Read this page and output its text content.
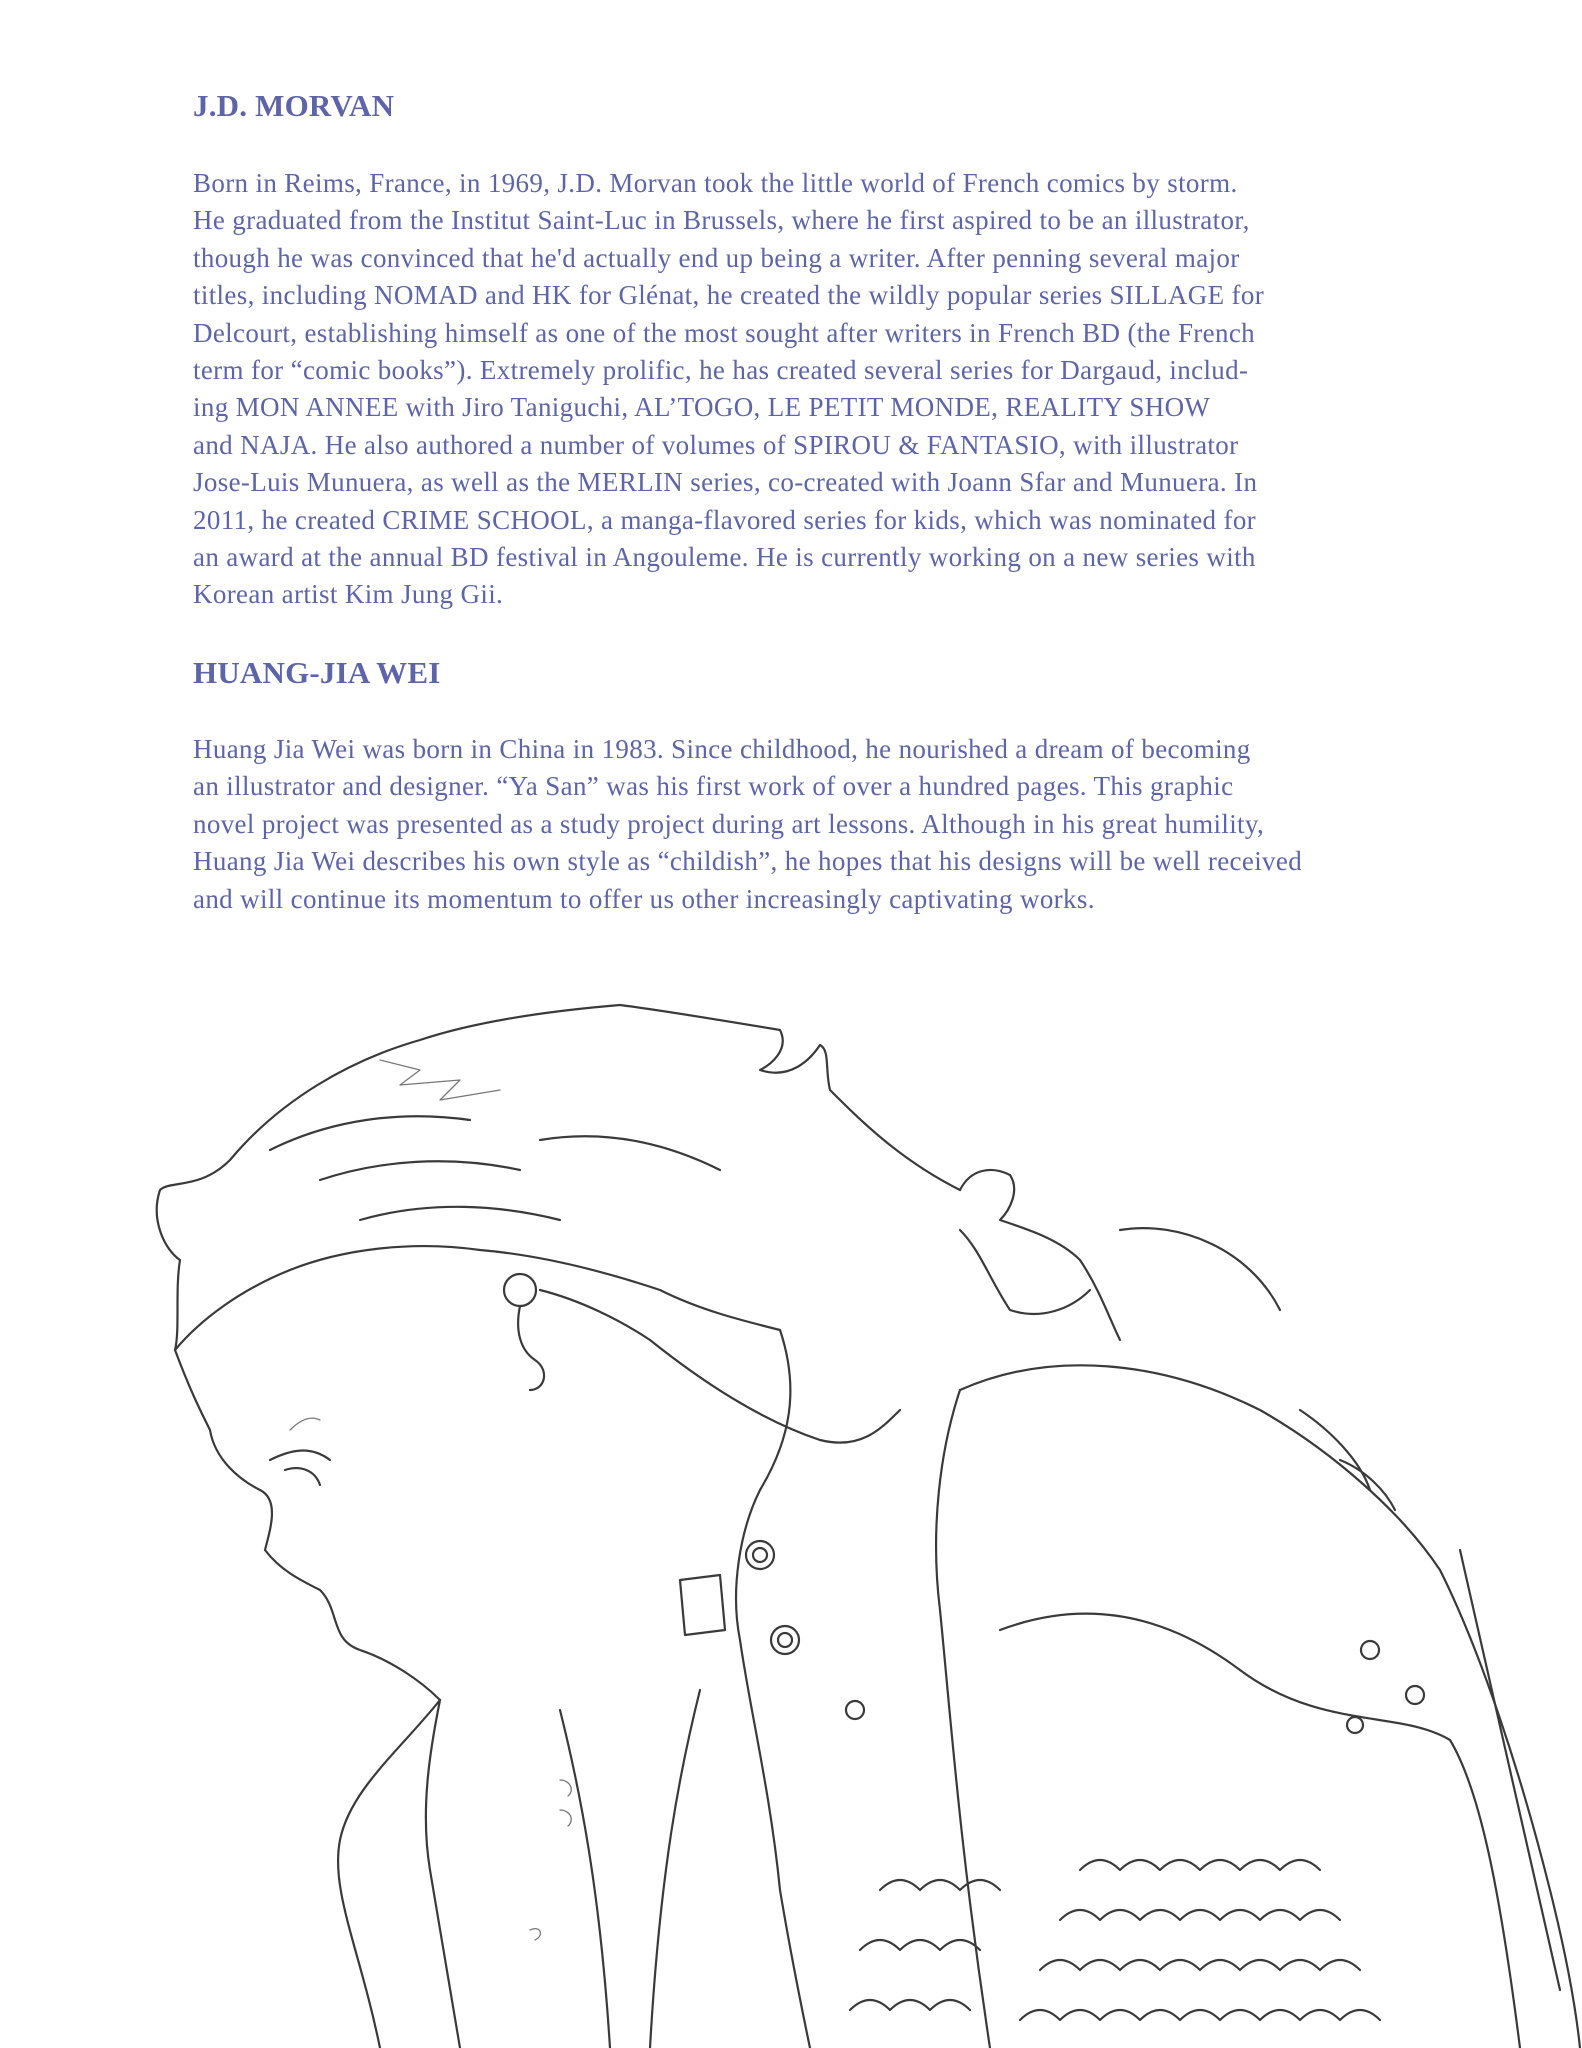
J.D. MORVAN
Born in Reims, France, in 1969, J.D. Morvan took the little world of French comics by storm.
He graduated from the Institut Saint-Luc in Brussels, where he first aspired to be an illustrator,
though he was convinced that he'd actually end up being a writer. After penning several major
titles, including NOMAD and HK for Glénat, he created the wildly popular series SILLAGE for
Delcourt, establishing himself as one of the most sought after writers in French BD (the French
term for “comic books”). Extremely prolific, he has created several series for Dargaud, includ-
ing MON ANNEE with Jiro Taniguchi, AL’TOGO, LE PETIT MONDE, REALITY SHOW
and NAJA. He also authored a number of volumes of SPIROU & FANTASIO, with illustrator
Jose-Luis Munuera, as well as the MERLIN series, co-created with Joann Sfar and Munuera. In
2011, he created CRIME SCHOOL, a manga-flavored series for kids, which was nominated for
an award at the annual BD festival in Angouleme. He is currently working on a new series with
Korean artist Kim Jung Gii.
HUANG-JIA WEI
Huang Jia Wei was born in China in 1983. Since childhood, he nourished a dream of becoming
an illustrator and designer. “Ya San” was his first work of over a hundred pages. This graphic
novel project was presented as a study project during art lessons. Although in his great humility,
Huang Jia Wei describes his own style as “childish”, he hopes that his designs will be well received
and will continue its momentum to offer us other increasingly captivating works.
